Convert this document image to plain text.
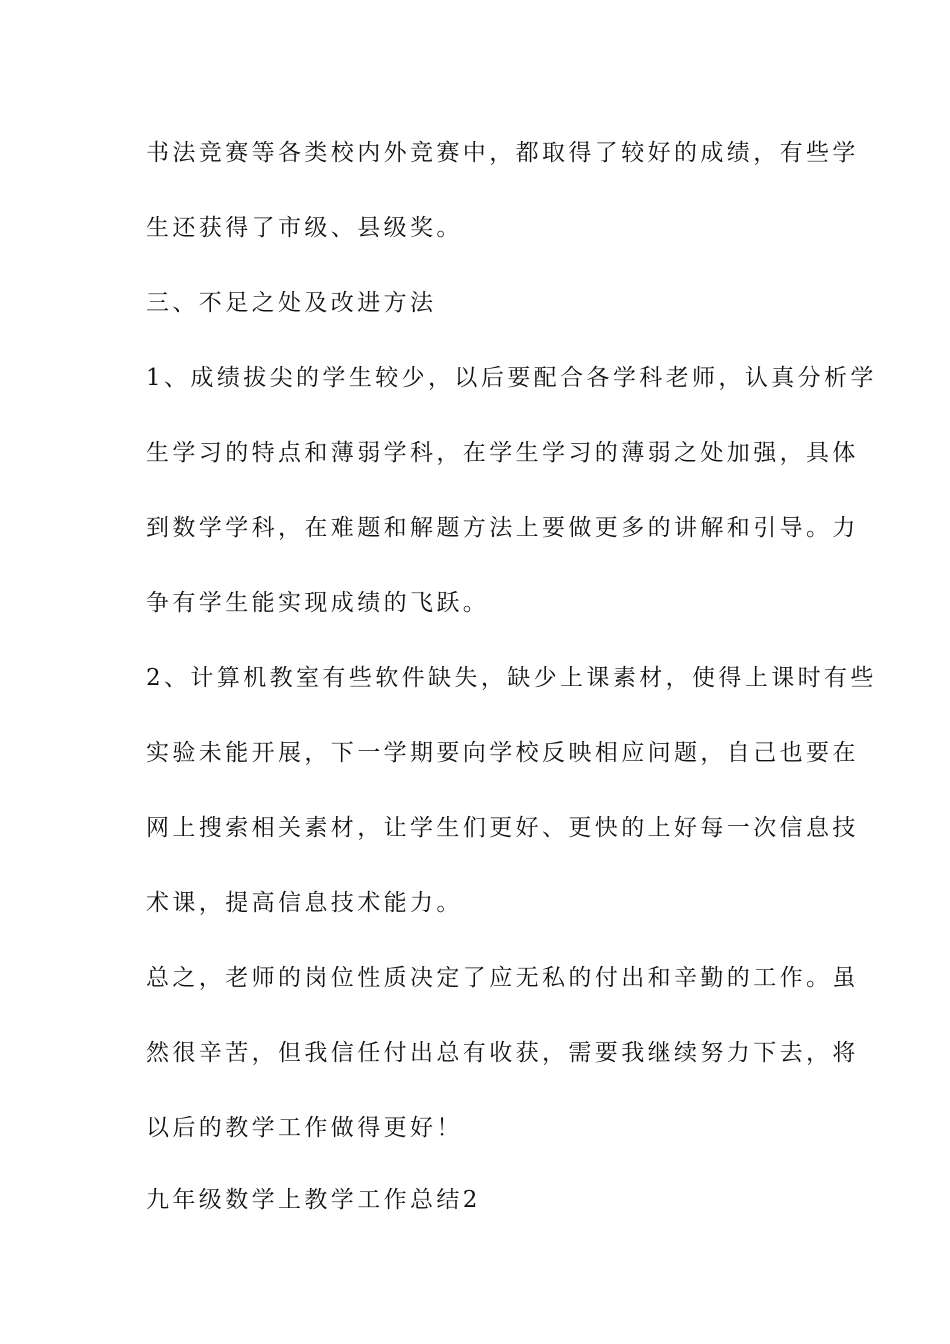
书法竞赛等各类校内外竞赛中，都取得了较好的成绩，有些学

生还获得了市级、县级奖。

三、不足之处及改进方法

1、成绩拔尖的学生较少，以后要配合各学科老师，认真分析学

生学习的特点和薄弱学科，在学生学习的薄弱之处加强，具体

到数学学科，在难题和解题方法上要做更多的讲解和引导。力

争有学生能实现成绩的飞跃。

2、计算机教室有些软件缺失，缺少上课素材，使得上课时有些

实验未能开展，下一学期要向学校反映相应问题，自己也要在

网上搜索相关素材，让学生们更好、更快的上好每一次信息技

术课，提高信息技术能力。

总之，老师的岗位性质决定了应无私的付出和辛勤的工作。虽

然很辛苦，但我信任付出总有收获，需要我继续努力下去，将

以后的教学工作做得更好！

九年级数学上教学工作总结2
